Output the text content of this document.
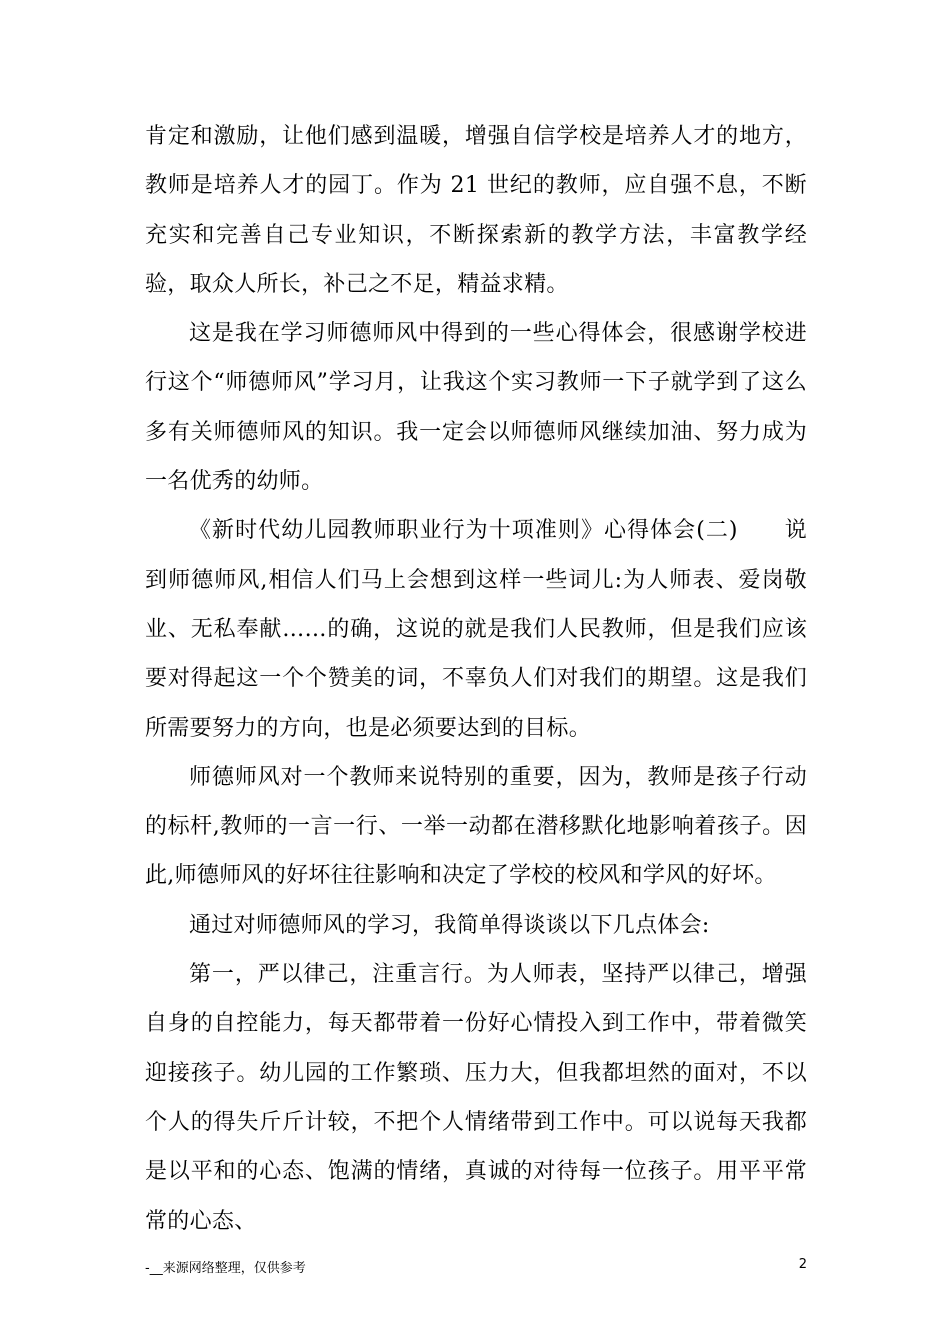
肯定和激励，让他们感到温暖，增强自信学校是培养人才的地方，教师是培养人才的园丁。作为 21 世纪的教师，应自强不息，不断充实和完善自己专业知识，不断探索新的教学方法，丰富教学经验，取众人所长，补己之不足，精益求精。

这是我在学习师德师风中得到的一些心得体会，很感谢学校进行这个“师德师风”学习月，让我这个实习教师一下子就学到了这么多有关师德师风的知识。我一定会以师德师风继续加油、努力成为一名优秀的幼师。

《新时代幼儿园教师职业行为十项准则》心得体会(二)　　说到师德师风,相信人们马上会想到这样一些词儿:为人师表、爱岗敬业、无私奉献……的确，这说的就是我们人民教师，但是我们应该要对得起这一个个赞美的词，不辜负人们对我们的期望。这是我们所需要努力的方向，也是必须要达到的目标。

师德师风对一个教师来说特别的重要，因为，教师是孩子行动的标杆,教师的一言一行、一举一动都在潜移默化地影响着孩子。因此,师德师风的好坏往往影响和决定了学校的校风和学风的好坏。

通过对师德师风的学习，我简单得谈谈以下几点体会:

第一，严以律己，注重言行。为人师表，坚持严以律己，增强自身的自控能力，每天都带着一份好心情投入到工作中，带着微笑迎接孩子。幼儿园的工作繁琐、压力大，但我都坦然的面对，不以个人的得失斤斤计较，不把个人情绪带到工作中。可以说每天我都是以平和的心态、饱满的情绪，真诚的对待每一位孩子。用平平常常的心态、

-__来源网络整理，仅供参考	2
